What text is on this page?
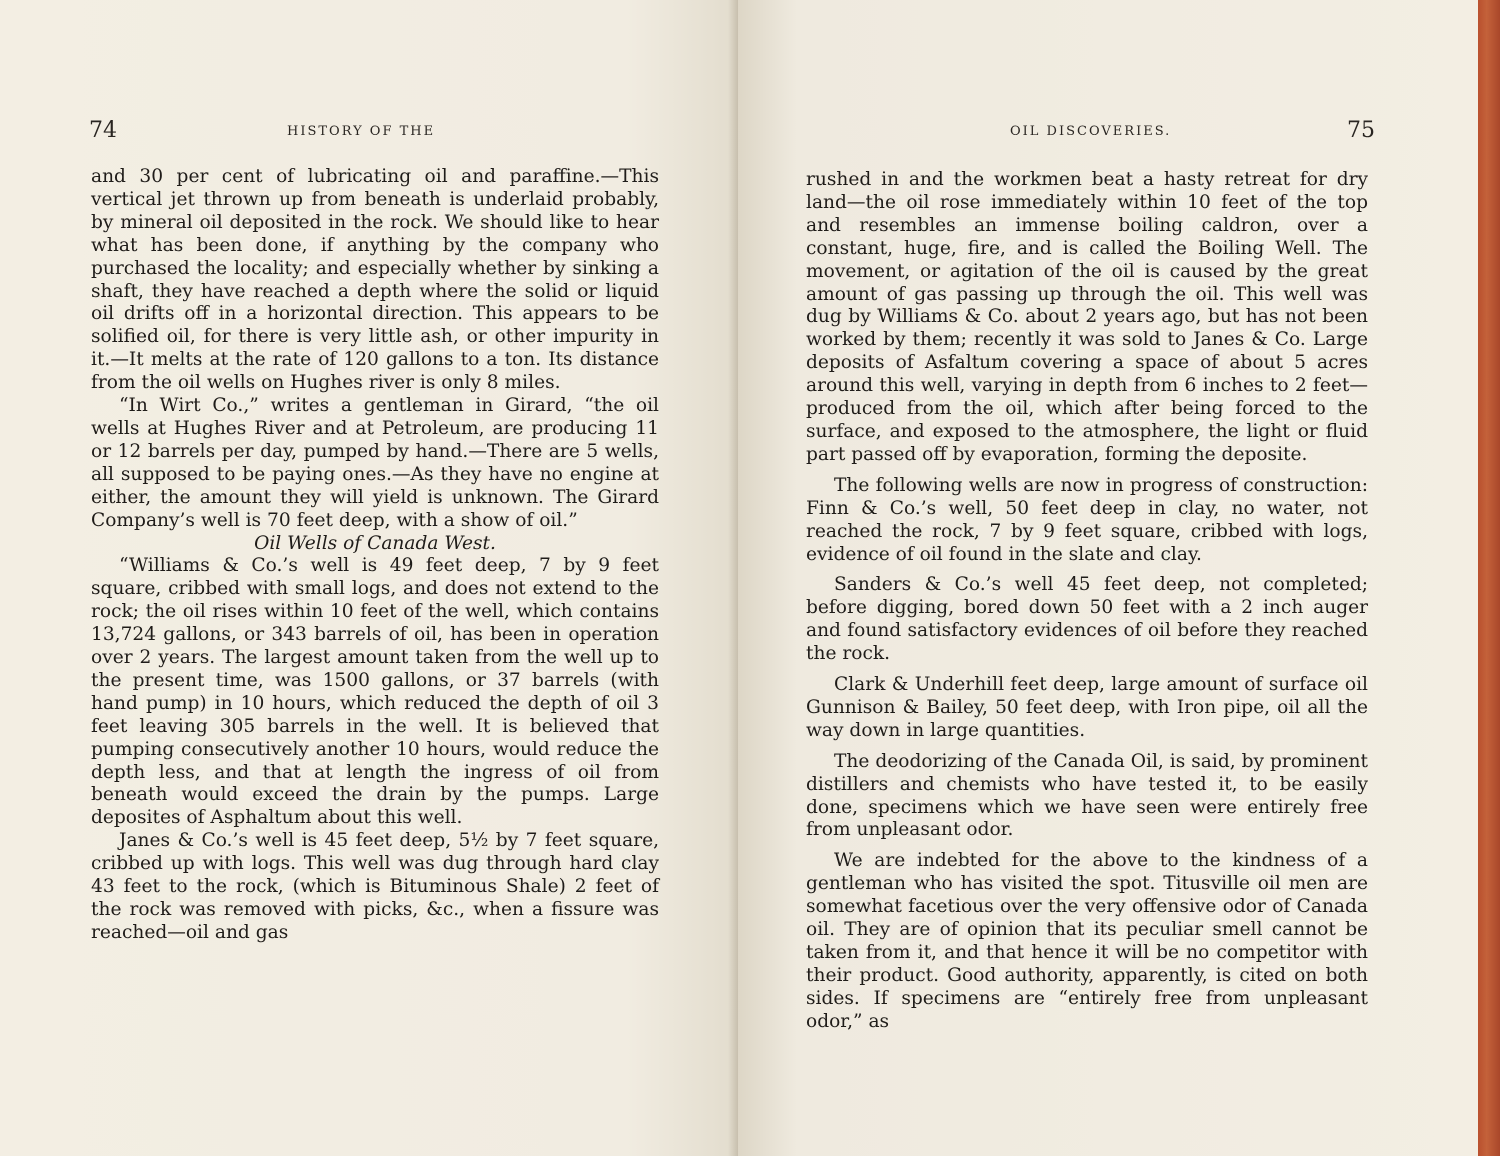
74	HISTORY OF THE

and 30 per cent of lubricating oil and paraffine.—This vertical jet thrown up from beneath is underlaid probably, by mineral oil deposited in the rock. We should like to hear what has been done, if anything by the company who purchased the locality; and especially whether by sinking a shaft, they have reached a depth where the solid or liquid oil drifts off in a horizontal direction. This appears to be solified oil, for there is very little ash, or other impurity in it.—It melts at the rate of 120 gallons to a ton. Its distance from the oil wells on Hughes river is only 8 miles.

“In Wirt Co.,” writes a gentleman in Girard, “the oil wells at Hughes River and at Petroleum, are producing 11 or 12 barrels per day, pumped by hand.—There are 5 wells, all supposed to be paying ones.—As they have no engine at either, the amount they will yield is unknown. The Girard Company’s well is 70 feet deep, with a show of oil.”

Oil Wells of Canada West.

“Williams & Co.’s well is 49 feet deep, 7 by 9 feet square, cribbed with small logs, and does not extend to the rock; the oil rises within 10 feet of the well, which contains 13,724 gallons, or 343 barrels of oil, has been in operation over 2 years. The largest amount taken from the well up to the present time, was 1500 gallons, or 37 barrels (with hand pump) in 10 hours, which reduced the depth of oil 3 feet leaving 305 barrels in the well. It is believed that pumping consecutively another 10 hours, would reduce the depth less, and that at length the ingress of oil from beneath would exceed the drain by the pumps. Large deposites of Asphaltum about this well.

Janes & Co.’s well is 45 feet deep, 5½ by 7 feet square, cribbed up with logs. This well was dug through hard clay 43 feet to the rock, (which is Bituminous Shale) 2 feet of the rock was removed with picks, &c., when a fissure was reached—oil and gas

OIL DISCOVERIES.	75

rushed in and the workmen beat a hasty retreat for dry land—the oil rose immediately within 10 feet of the top and resembles an immense boiling caldron, over a constant, huge, fire, and is called the Boiling Well. The movement, or agitation of the oil is caused by the great amount of gas passing up through the oil. This well was dug by Williams & Co. about 2 years ago, but has not been worked by them; recently it was sold to Janes & Co. Large deposits of Asfaltum covering a space of about 5 acres around this well, varying in depth from 6 inches to 2 feet—produced from the oil, which after being forced to the surface, and exposed to the atmosphere, the light or fluid part passed off by evaporation, forming the deposite.

The following wells are now in progress of construction: Finn & Co.’s well, 50 feet deep in clay, no water, not reached the rock, 7 by 9 feet square, cribbed with logs, evidence of oil found in the slate and clay.

Sanders & Co.’s well 45 feet deep, not completed; before digging, bored down 50 feet with a 2 inch auger and found satisfactory evidences of oil before they reached the rock.

Clark & Underhill feet deep, large amount of surface oil Gunnison & Bailey, 50 feet deep, with Iron pipe, oil all the way down in large quantities.

The deodorizing of the Canada Oil, is said, by prominent distillers and chemists who have tested it, to be easily done, specimens which we have seen were entirely free from unpleasant odor.

We are indebted for the above to the kindness of a gentleman who has visited the spot. Titusville oil men are somewhat facetious over the very offensive odor of Canada oil. They are of opinion that its peculiar smell cannot be taken from it, and that hence it will be no competitor with their product. Good authority, apparently, is cited on both sides. If specimens are “entirely free from unpleasant odor,” as
